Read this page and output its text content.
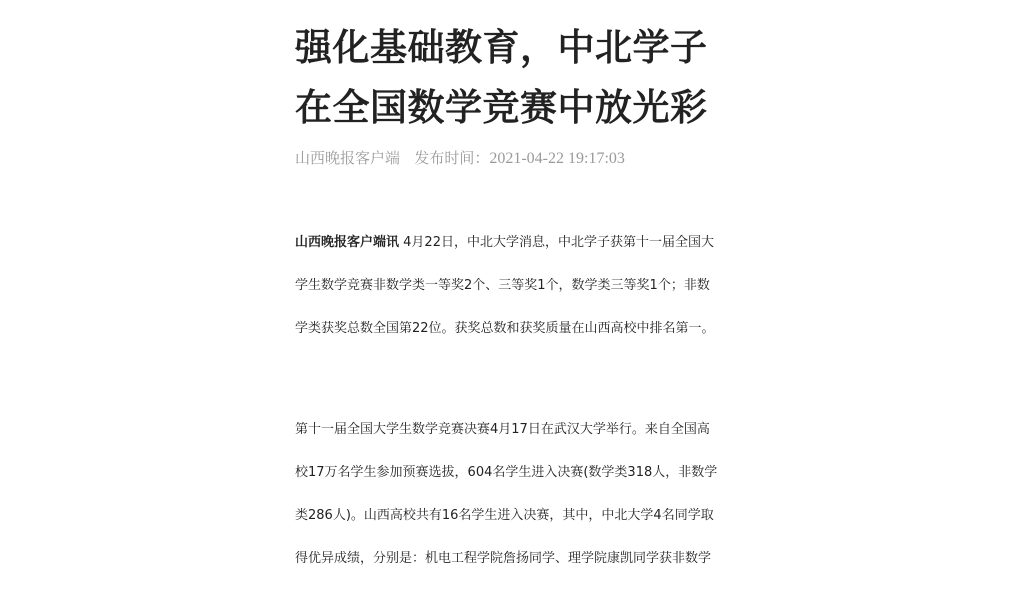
强化基础教育，中北学子
在全国数学竞赛中放光彩
山西晚报客户端 发布时间：2021-04-22 19:17:03
山西晚报客户端讯 4月22日，中北大学消息，中北学子获第十一届全国大
学生数学竞赛非数学类一等奖2个、三等奖1个，数学类三等奖1个；非数
学类获奖总数全国第22位。获奖总数和获奖质量在山西高校中排名第一。
第十一届全国大学生数学竞赛决赛4月17日在武汉大学举行。来自全国高
校17万名学生参加预赛选拔，604名学生进入决赛(数学类318人，非数学
类286人)。山西高校共有16名学生进入决赛，其中，中北大学4名同学取
得优异成绩，分别是：机电工程学院詹扬同学、理学院康凯同学获非数学
